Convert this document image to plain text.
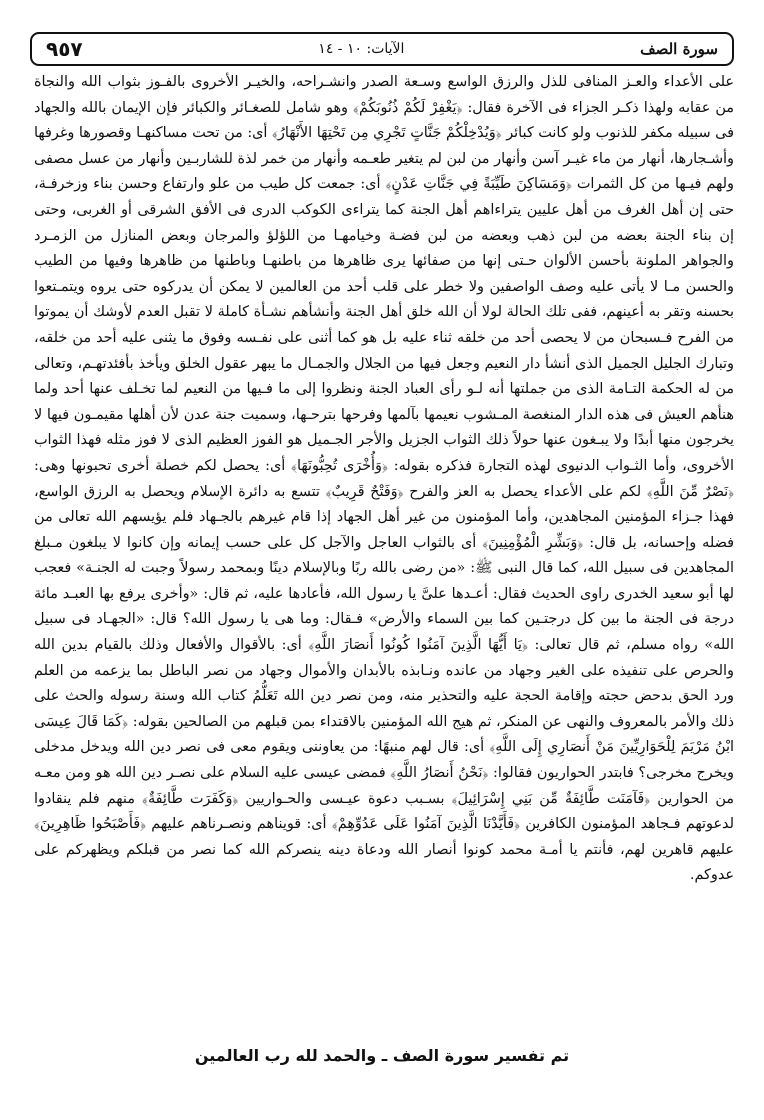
سورة الصف
الآيات: ١٠ - ١٤
٩٥٧

على الأعداء والعـز المنافى للذل والرزق الواسع وسـعة الصدر وانشـراحه، والخيـر الأخروى بالفـوز بثواب الله والنجاة من عقابه ولهذا ذكـر الجزاء فى الآخرة فقال: ﴿يَغْفِرْ لَكُمْ ذُنُوبَكُمْ﴾ وهو شامل للصغـائر والكبائر فإن الإيمان بالله والجهاد فى سبيله مكفر للذنوب ولو كانت كبائر ﴿وَيُدْخِلْكُمْ جَنَّاتٍ تَجْرِي مِن تَحْتِهَا الأَنْهَارُ﴾ أى: من تحت مساكنهـا وقصورها وغرفها وأشـجارها، أنهار من ماء غيـر آسن وأنهار من لبن لم يتغير طعـمه وأنهار من خمر لذة للشاربـين وأنهار من عسل مصفى ولهم فيـها من كل الثمرات ﴿وَمَسَاكِنَ طَيِّبَةً فِي جَنَّاتِ عَدْنٍ﴾ أى: جمعت كل طيب من علو وارتفاع وحسن بناء وزخرفـة، حتى إن أهل الغرف من أهل عليين يتراءاهم أهل الجنة كما يتراءى الكوكب الدرى فى الأفق الشرقى أو الغربى، وحتى إن بناء الجنة بعضه من لبن ذهب وبعضه من لبن فضـة وخيامهـا من اللؤلؤ والمرجان وبعض المنازل من الزمـرد والجواهر الملونة بأحسن الألوان حـتى إنها من صفائها يرى ظاهرها من باطنهـا وباطنها من ظاهرها وفيها من الطيب والحسن مـا لا يأتى عليه وصف الواصفين ولا خطر على قلب أحد من العالمين لا يمكن أن يدركوه حتى يروه ويتمـتعوا بحسنه وتقر به أعينهم، ففى تلك الحالة لولا أن الله خلق أهل الجنة وأنشأهم نشـأة كاملة لا تقبل العدم لأوشك أن يموتوا من الفرح فـسبحان من لا يحصى أحد من خلقه ثناء عليه بل هو كما أثنى على نفـسه وفوق ما يثنى عليه أحد من خلقه، وتبارك الجليل الجميل الذى أنشأ دار النعيم وجعل فيها من الجلال والجمـال ما يبهر عقول الخلق ويأخذ بأفئدتهـم، وتعالى من له الحكمة التـامة الذى من جملتها أنه لـو رأى العباد الجنة ونظروا إلى ما فـيها من النعيم لما تخـلف عنها أحد ولما هنأهم العيش فى هذه الدار المنغصة المـشوب نعيمها بآلمها وفرحها بترحـها، وسميت جنة عدن لأن أهلها مقيمـون فيها لا يخرجون منها أبدًا ولا يبـغون عنها حولاً ذلك الثواب الجزيل والأجر الجـميل هو الفوز العظيم الذى لا فوز مثله فهذا الثواب الأخروى، وأما الثـواب الدنيوى لهذه التجارة فذكره بقوله: ﴿وَأُخْرَى تُحِبُّونَهَا﴾ أى: يحصل لكم خصلة أخرى تحبونها وهى: ﴿نَصْرٌ مِّنَ اللَّهِ﴾ لكم على الأعداء يحصل به العز والفرح ﴿وَفَتْحٌ قَرِيبٌ﴾ تتسع به دائرة الإسلام ويحصل به الرزق الواسع، فهذا جـزاء المؤمنين المجاهدين، وأما المؤمنون من غير أهل الجهاد إذا قام غيرهم بالجـهاد فلم يؤيسهم الله تعالى من فضله وإحسانه، بل قال: ﴿وَبَشِّرِ الْمُؤْمِنِينَ﴾ أى بالثواب العاجل والآجل كل على حسب إيمانه وإن كانوا لا يبلغون مـبلغ المجاهدين فى سبيل الله، كما قال النبى ﷺ: «من رضى بالله ربًا وبالإسلام دينًا وبمحمد رسولاً وجبت له الجنـة» فعجب لها أبو سعيد الخدرى راوى الحديث فقال: أعـدها علىَّ يا رسول الله، فأعادها عليه، ثم قال: «وأخرى يرفع بها العبـد مائة درجة فى الجنة ما بين كل درجتـين كما بين السماء والأرض» فـقال: وما هى يا رسول الله؟ قال: «الجهـاد فى سبيل الله» رواه مسلم، ثم قال تعالى: ﴿يَا أَيُّهَا الَّذِينَ آمَنُوا كُونُوا أَنصَارَ اللَّهِ﴾ أى: بالأقوال والأفعال وذلك بالقيام بدين الله والحرص على تنفيذه على الغير وجهاد من عانده ونـابذه بالأبدان والأموال وجهاد من نصر الباطل بما يزعمه من العلم ورد الحق بدحض حجته وإقامة الحجة عليه والتحذير منه، ومن نصر دين الله تَعَلُّمُ كتاب الله وسنة رسوله والحث على ذلك والأمر بالمعروف والنهى عن المنكر، ثم هيج الله المؤمنين بالاقتداء بمن قبلهم من الصالحين بقوله: ﴿كَمَا قَالَ عِيسَى ابْنُ مَرْيَمَ لِلْحَوَارِيِّينَ مَنْ أَنصَارِي إِلَى اللَّهِ﴾ أى: قال لهم منبهًا: من يعاوننى ويقوم معى فى نصر دين الله ويدخل مدخلى ويخرج مخرجى؟ فابتدر الحواريون فقالوا: ﴿نَحْنُ أَنصَارُ اللَّهِ﴾ فمضى عيسى عليه السلام على نصـر دين الله هو ومن معـه من الحوارين ﴿فَآمَنَت طَّائِفَةٌ مِّن بَنِي إِسْرَائِيلَ﴾ بسـبب دعوة عيـسى والحـواريين ﴿وَكَفَرَت طَّائِفَةٌ﴾ منهم فلم ينقادوا لدعوتهم فـجاهد المؤمنون الكافرين ﴿فَأَيَّدْنَا الَّذِينَ آمَنُوا عَلَى عَدُوِّهِمْ﴾ أى: قويناهم ونصـرناهم عليهم ﴿فَأَصْبَحُوا ظَاهِرِينَ﴾ عليهم قاهرين لهم، فأنتم يا أمـة محمد كونوا أنصار الله ودعاة دينه ينصركم الله كما نصر من قبلكم ويظهركم على عدوكم.

تم تفسير سورة الصف ـ والحمد لله رب العالمين
